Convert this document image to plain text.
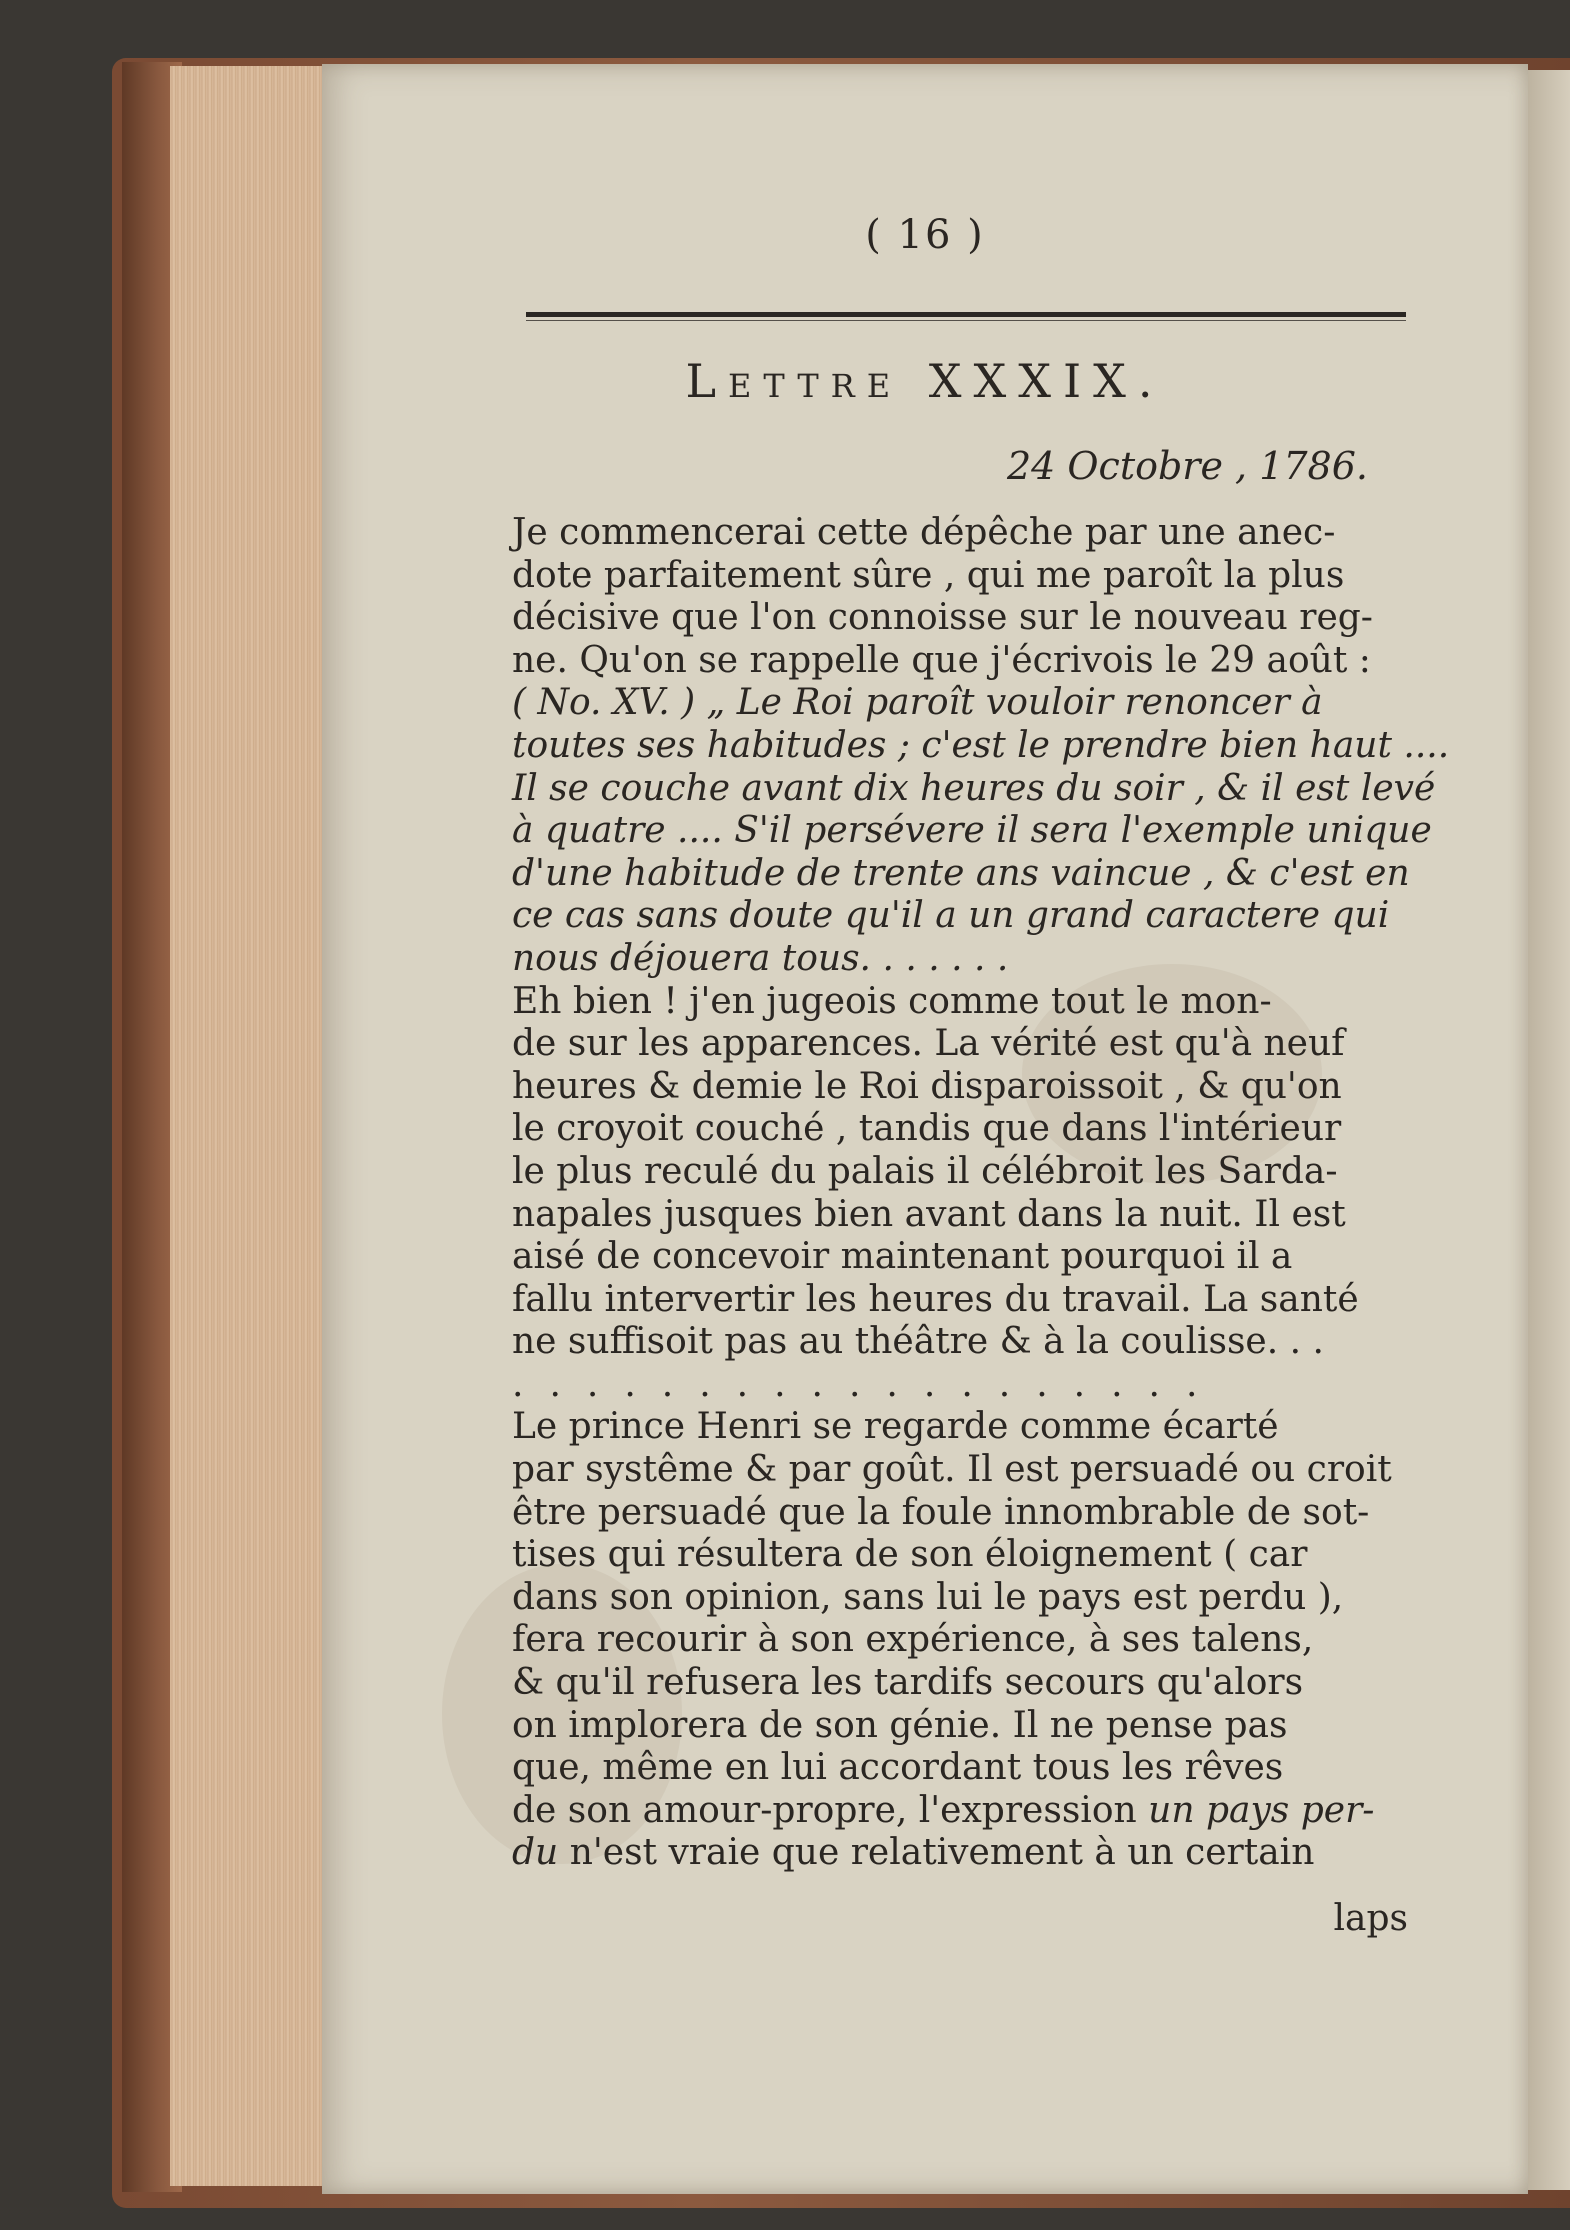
( 16 )
Lettre XXXIX.
24 Octobre , 1786.

Je commencerai cette dépêche par une anec-
dote parfaitement sûre , qui me paroît la plus
décisive que l'on connoisse sur le nouveau reg-
ne. Qu'on se rappelle que j'écrivois le 29 août :

( No. XV. ) „ Le Roi paroît vouloir renoncer à
toutes ses habitudes ; c'est le prendre bien haut ....
Il se couche avant dix heures du soir , & il est levé
à quatre .... S'il persévere il sera l'exemple unique
d'une habitude de trente ans vaincue , & c'est en
ce cas sans doute qu'il a un grand caractere qui
nous déjouera tous. . . . . . .

Eh bien ! j'en jugeois comme tout le mon-
de sur les apparences. La vérité est qu'à neuf
heures & demie le Roi disparoissoit , & qu'on
le croyoit couché , tandis que dans l'intérieur
le plus reculé du palais il célébroit les Sarda-
napales jusques bien avant dans la nuit. Il est
aisé de concevoir maintenant pourquoi il a
fallu intervertir les heures du travail. La santé
ne suffisoit pas au théâtre & à la coulisse. . .

...................

Le prince Henri se regarde comme écarté
par systême & par goût. Il est persuadé ou croit
être persuadé que la foule innombrable de sot-
tises qui résultera de son éloignement ( car
dans son opinion, sans lui le pays est perdu ),
fera recourir à son expérience, à ses talens,
& qu'il refusera les tardifs secours qu'alors
on implorera de son génie. Il ne pense pas
que, même en lui accordant tous les rêves
de son amour-propre, l'expression un pays per-
du n'est vraie que relativement à un certain

laps
